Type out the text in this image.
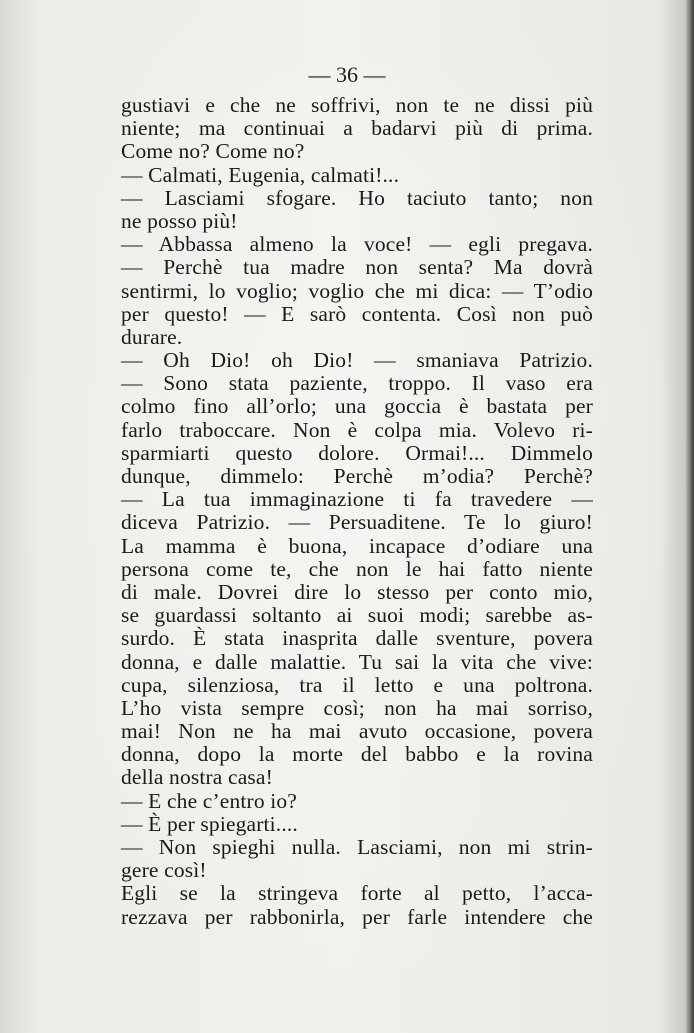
— 36 —
gustiavi e che ne soffrivi, non te ne dissi più
niente; ma continuai a badarvi più di prima.
Come no? Come no?
— Calmati, Eugenia, calmati!...
— Lasciami sfogare. Ho taciuto tanto; non
ne posso più!
— Abbassa almeno la voce! — egli pregava.
— Perchè tua madre non senta? Ma dovrà
sentirmi, lo voglio; voglio che mi dica: — T’odio
per questo! — E sarò contenta. Così non può
durare.
— Oh Dio! oh Dio! — smaniava Patrizio.
— Sono stata paziente, troppo. Il vaso era
colmo fino all’orlo; una goccia è bastata per
farlo traboccare. Non è colpa mia. Volevo ri-
sparmiarti questo dolore. Ormai!... Dimmelo
dunque, dimmelo: Perchè m’odia? Perchè?
— La tua immaginazione ti fa travedere —
diceva Patrizio. — Persuaditene. Te lo giuro!
La mamma è buona, incapace d’odiare una
persona come te, che non le hai fatto niente
di male. Dovrei dire lo stesso per conto mio,
se guardassi soltanto ai suoi modi; sarebbe as-
surdo. È stata inasprita dalle sventure, povera
donna, e dalle malattie. Tu sai la vita che vive:
cupa, silenziosa, tra il letto e una poltrona.
L’ho vista sempre così; non ha mai sorriso,
mai! Non ne ha mai avuto occasione, povera
donna, dopo la morte del babbo e la rovina
della nostra casa!
— E che c’entro io?
— È per spiegarti....
— Non spieghi nulla. Lasciami, non mi strin-
gere così!
Egli se la stringeva forte al petto, l’acca-
rezzava per rabbonirla, per farle intendere che
